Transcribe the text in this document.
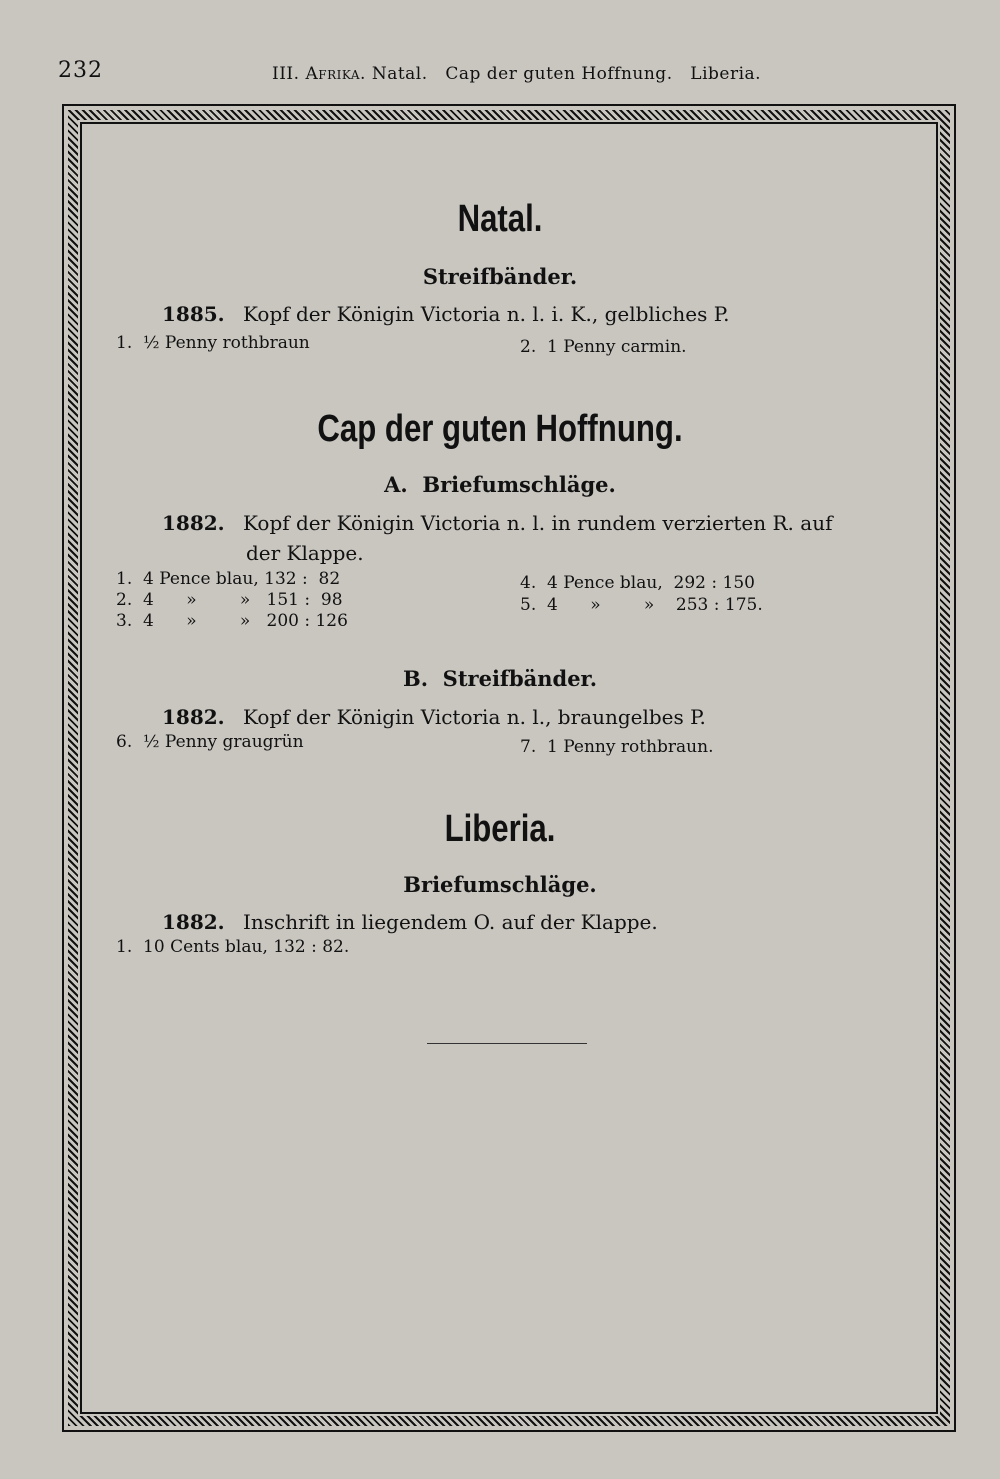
232	III. Afrika. Natal.   Cap der guten Hoffnung.   Liberia.
Natal.
Streifbänder.
1885. Kopf der Königin Victoria n. l. i. K., gelbliches P.
1.  ½ Penny rothbraun	2.  1 Penny carmin.
Cap der guten Hoffnung.
A.  Briefumschläge.
1882. Kopf der Königin Victoria n. l. in rundem verzierten R. auf
der Klappe.
1.  4 Pence blau, 132 :  82
2.  4      »        »   151 :  98
3.  4      »        »   200 : 126
4.  4 Pence blau,  292 : 150
5.  4      »        »    253 : 175.
B.  Streifbänder.
1882. Kopf der Königin Victoria n. l., braungelbes P.
6.  ½ Penny graugrün	7.  1 Penny rothbraun.
Liberia.
Briefumschläge.
1882. Inschrift in liegendem O. auf der Klappe.
1.  10 Cents blau, 132 : 82.
